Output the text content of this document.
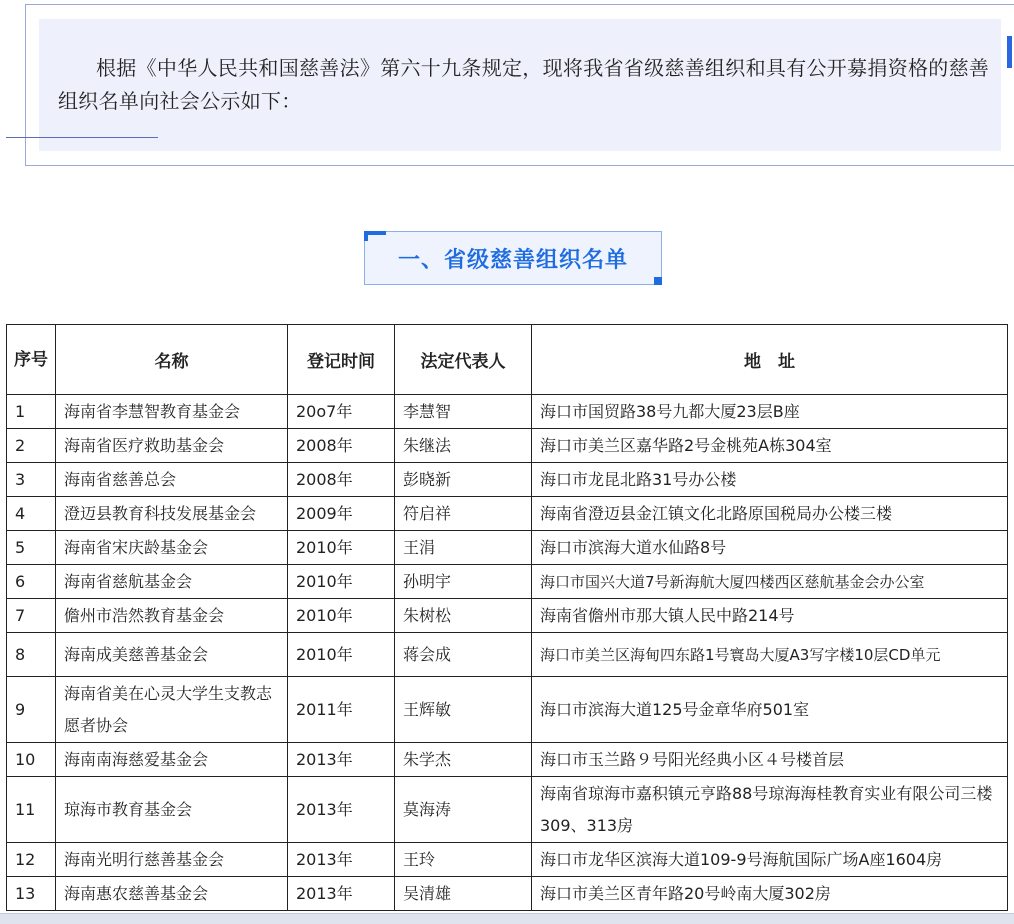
根据《中华人民共和国慈善法》第六十九条规定，现将我省省级慈善组织和具有公开募捐资格的慈善组织名单向社会公示如下：

一、省级慈善组织名单
序号	名称	登记时间	法定代表人	地　址
1	海南省李慧智教育基金会	20o7年	李慧智	海口市国贸路38号九都大厦23层B座
2	海南省医疗救助基金会	2008年	朱继法	海口市美兰区嘉华路2号金桃苑A栋304室
3	海南省慈善总会	2008年	彭晓新	海口市龙昆北路31号办公楼
4	澄迈县教育科技发展基金会	2009年	符启祥	海南省澄迈县金江镇文化北路原国税局办公楼三楼
5	海南省宋庆龄基金会	2010年	王涓	海口市滨海大道水仙路8号
6	海南省慈航基金会	2010年	孙明宇	海口市国兴大道7号新海航大厦四楼西区慈航基金会办公室
7	儋州市浩然教育基金会	2010年	朱树松	海南省儋州市那大镇人民中路214号
8	海南成美慈善基金会	2010年	蒋会成	海口市美兰区海甸四东路1号寰岛大厦A3写字楼10层CD单元
9	海南省美在心灵大学生支教志愿者协会	2011年	王辉敏	海口市滨海大道125号金章华府501室
10	海南南海慈爱基金会	2013年	朱学杰	海口市玉兰路９号阳光经典小区４号楼首层
11	琼海市教育基金会	2013年	莫海涛	海南省琼海市嘉积镇元亨路88号琼海海桂教育实业有限公司三楼309、313房
12	海南光明行慈善基金会	2013年	王玲	海口市龙华区滨海大道109-9号海航国际广场A座1604房
13	海南惠农慈善基金会	2013年	吴清雄	海口市美兰区青年路20号岭南大厦302房
